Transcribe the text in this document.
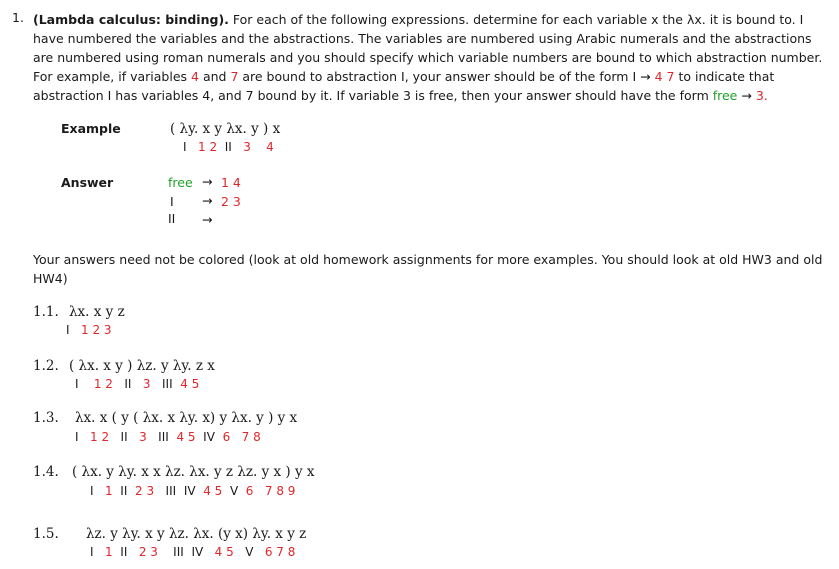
1. (Lambda calculus: binding). For each of the following expressions. determine for each variable x the λx. it is bound to. I have numbered the variables and the abstractions. The variables are numbered using Arabic numerals and the abstractions are numbered using roman numerals and you should specify which variable numbers are bound to which abstraction number. For example, if variables 4 and 7 are bound to abstraction I, your answer should be of the form I → 4 7 to indicate that abstraction I has variables 4, and 7 bound by it. If variable 3 is free, then your answer should have the form free → 3.
Example	( λy. x y λx. y ) x
I 1 2 II 3 4
Answer	free → 1 4
I → 2 3
II →
Your answers need not be colored (look at old homework assignments for more examples. You should look at old HW3 and old HW4)
1.1. λx. x y z
I 1 2 3
1.2. ( λx. x y ) λz. y λy. z x
I 1 2 II 3 III 4 5
1.3. λx. x ( y ( λx. x λy. x) y λx. y ) y x
I 1 2 II 3 III 4 5 IV 6 7 8
1.4. ( λx. y λy. x x λz. λx. y z λz. y x ) y x
I 1 II 2 3 III IV 4 5 V 6 7 8 9
1.5. λz. y λy. x y λz. λx. (y x) λy. x y z
I 1 II 2 3 III IV 4 5 V 6 7 8
